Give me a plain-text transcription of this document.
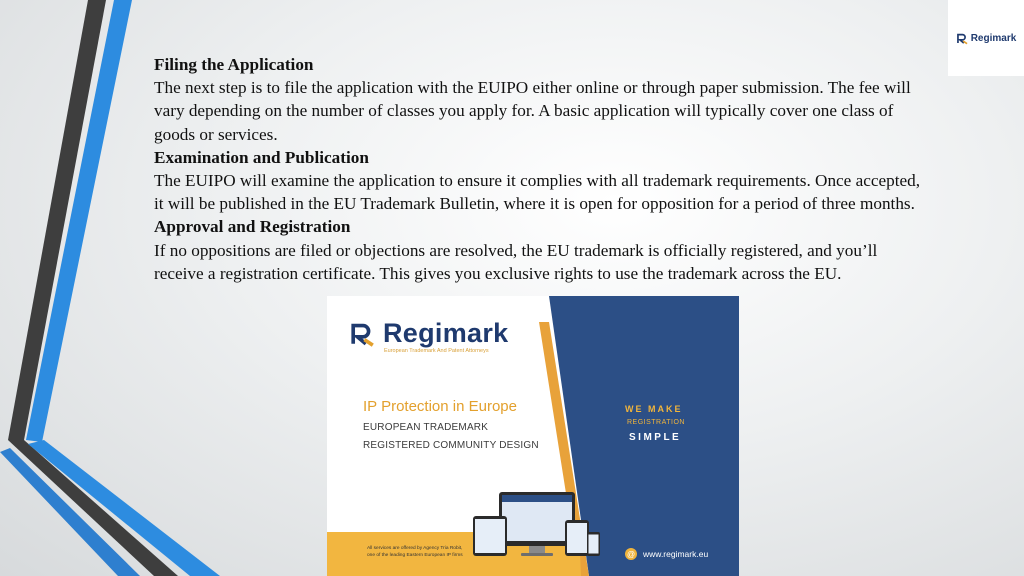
Regimark
Filing the Application

The next step is to file the application with the EUIPO either online or through paper submission. The fee will

vary depending on the number of classes you apply for. A basic application will typically cover one class of

goods or services.

Examination and Publication

The EUIPO will examine the application to ensure it complies with all trademark requirements. Once accepted,

it will be published in the EU Trademark Bulletin, where it is open for opposition for a period of three months.

Approval and Registration

If no oppositions are filed or objections are resolved, the EU trademark is officially registered, and you’ll

receive a registration certificate. This gives you exclusive rights to use the trademark across the EU.

Regimark
European Trademark And Patent Attorneys
IP Protection in Europe
EUROPEAN TRADEMARK
REGISTERED COMMUNITY DESIGN
WE MAKE
REGISTRATION
SIMPLE
All services are offered by Agency Tria Robit,
one of the leading Eastern European IP firms	@ www.regimark.eu
